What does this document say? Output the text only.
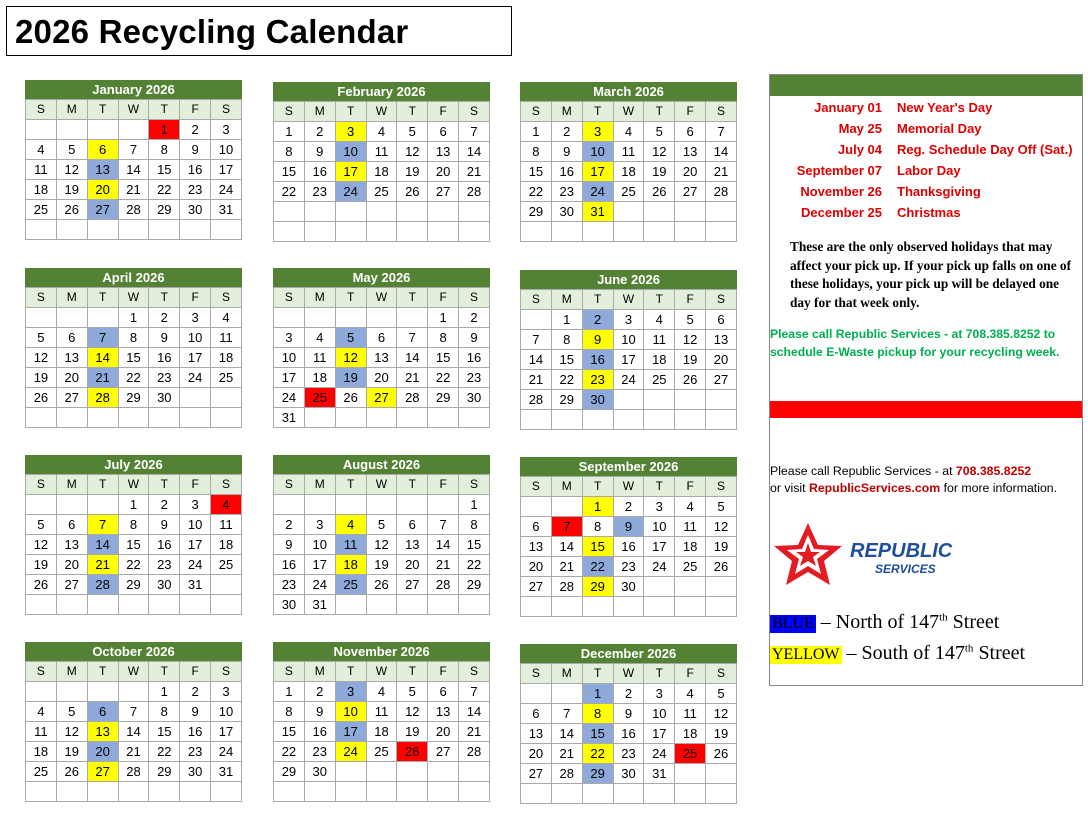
2026 Recycling Calendar
January 2026
S	M	T	W	T	F	S
				1	2	3
4	5	6	7	8	9	10
11	12	13	14	15	16	17
18	19	20	21	22	23	24
25	26	27	28	29	30	31

February 2026
S	M	T	W	T	F	S
1	2	3	4	5	6	7
8	9	10	11	12	13	14
15	16	17	18	19	20	21
22	23	24	25	26	27	28

March 2026
S	M	T	W	T	F	S
1	2	3	4	5	6	7
8	9	10	11	12	13	14
15	16	17	18	19	20	21
22	23	24	25	26	27	28
29	30	31				

April 2026
S	M	T	W	T	F	S
			1	2	3	4
5	6	7	8	9	10	11
12	13	14	15	16	17	18
19	20	21	22	23	24	25
26	27	28	29	30		

May 2026
S	M	T	W	T	F	S
					1	2
3	4	5	6	7	8	9
10	11	12	13	14	15	16
17	18	19	20	21	22	23
24	25	26	27	28	29	30
31						
June 2026
S	M	T	W	T	F	S
	1	2	3	4	5	6
7	8	9	10	11	12	13
14	15	16	17	18	19	20
21	22	23	24	25	26	27
28	29	30				

July 2026
S	M	T	W	T	F	S
			1	2	3	4
5	6	7	8	9	10	11
12	13	14	15	16	17	18
19	20	21	22	23	24	25
26	27	28	29	30	31	

August 2026
S	M	T	W	T	F	S
						1
2	3	4	5	6	7	8
9	10	11	12	13	14	15
16	17	18	19	20	21	22
23	24	25	26	27	28	29
30	31					
September 2026
S	M	T	W	T	F	S
		1	2	3	4	5
6	7	8	9	10	11	12
13	14	15	16	17	18	19
20	21	22	23	24	25	26
27	28	29	30			

October 2026
S	M	T	W	T	F	S
				1	2	3
4	5	6	7	8	9	10
11	12	13	14	15	16	17
18	19	20	21	22	23	24
25	26	27	28	29	30	31

November 2026
S	M	T	W	T	F	S
1	2	3	4	5	6	7
8	9	10	11	12	13	14
15	16	17	18	19	20	21
22	23	24	25	26	27	28
29	30					

December 2026
S	M	T	W	T	F	S
		1	2	3	4	5
6	7	8	9	10	11	12
13	14	15	16	17	18	19
20	21	22	23	24	25	26
27	28	29	30	31		

January 01 New Year's Day
May 25 Memorial Day
July 04 Reg. Schedule Day Off (Sat.)
September 07 Labor Day
November 26 Thanksgiving
December 25 Christmas
These are the only observed holidays that may affect your pick up. If your pick up falls on one of these holidays, your pick up will be delayed one day for that week only.
Please call Republic Services - at 708.385.8252 to schedule E-Waste pickup for your recycling week.
Please call Republic Services - at 708.385.8252
or visit RepublicServices.com for more information.
REPUBLIC
SERVICES
BLUE – North of 147th Street
YELLOW – South of 147th Street
